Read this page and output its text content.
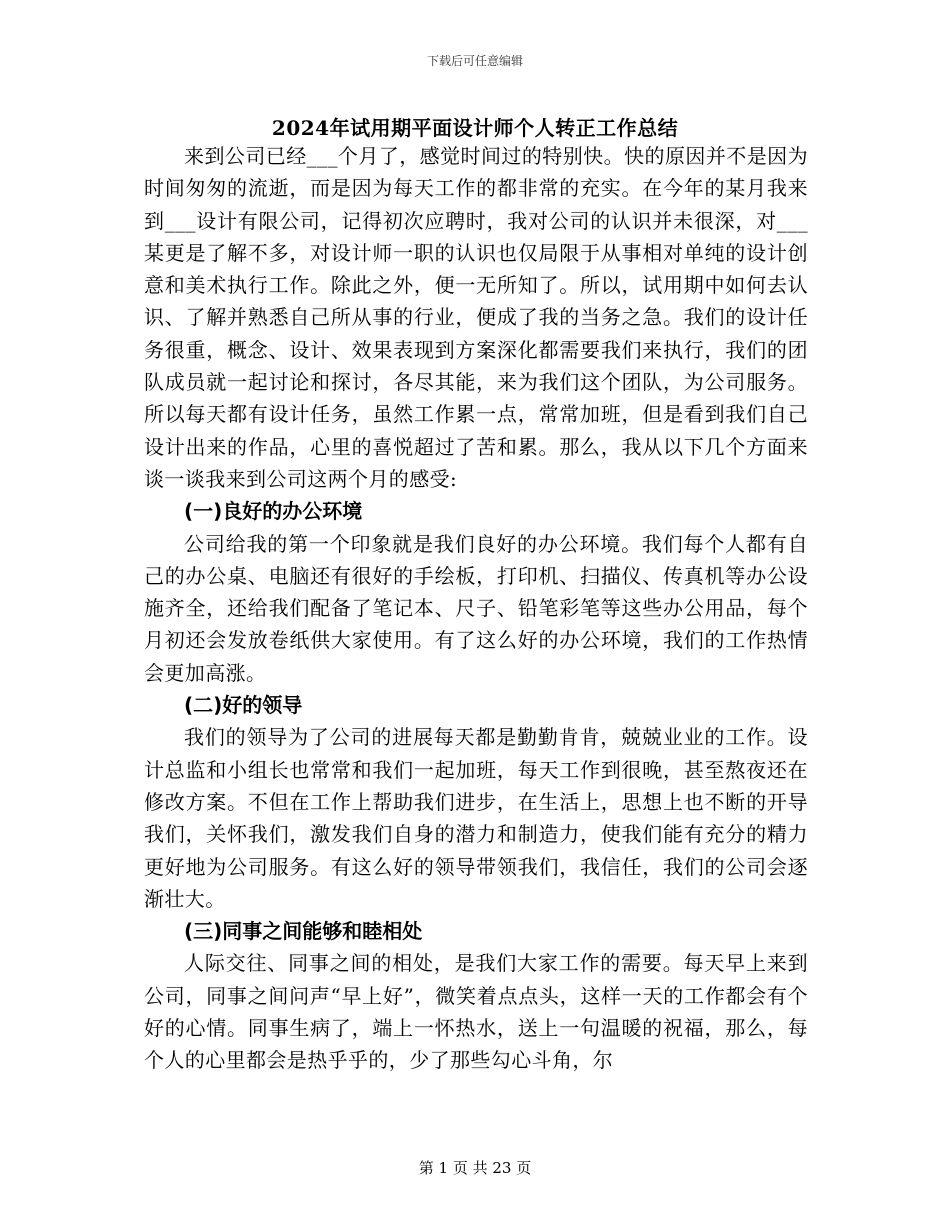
下载后可任意编辑
2024年试用期平面设计师个人转正工作总结

来到公司已经___个月了，感觉时间过的特别快。快的原因并不是因为时间匆匆的流逝，而是因为每天工作的都非常的充实。在今年的某月我来到___设计有限公司，记得初次应聘时，我对公司的认识并未很深，对___某更是了解不多，对设计师一职的认识也仅局限于从事相对单纯的设计创意和美术执行工作。除此之外，便一无所知了。所以，试用期中如何去认识、了解并熟悉自己所从事的行业，便成了我的当务之急。我们的设计任务很重，概念、设计、效果表现到方案深化都需要我们来执行，我们的团队成员就一起讨论和探讨，各尽其能，来为我们这个团队，为公司服务。所以每天都有设计任务，虽然工作累一点，常常加班，但是看到我们自己设计出来的作品，心里的喜悦超过了苦和累。那么，我从以下几个方面来谈一谈我来到公司这两个月的感受:

(一)良好的办公环境

公司给我的第一个印象就是我们良好的办公环境。我们每个人都有自己的办公桌、电脑还有很好的手绘板，打印机、扫描仪、传真机等办公设施齐全，还给我们配备了笔记本、尺子、铅笔彩笔等这些办公用品，每个月初还会发放卷纸供大家使用。有了这么好的办公环境，我们的工作热情会更加高涨。

(二)好的领导

我们的领导为了公司的进展每天都是勤勤肯肯，兢兢业业的工作。设计总监和小组长也常常和我们一起加班，每天工作到很晚，甚至熬夜还在修改方案。不但在工作上帮助我们进步，在生活上，思想上也不断的开导我们，关怀我们，激发我们自身的潜力和制造力，使我们能有充分的精力更好地为公司服务。有这么好的领导带领我们，我信任，我们的公司会逐渐壮大。

(三)同事之间能够和睦相处

人际交往、同事之间的相处，是我们大家工作的需要。每天早上来到公司，同事之间问声“早上好”，微笑着点点头，这样一天的工作都会有个好的心情。同事生病了，端上一怀热水，送上一句温暖的祝福，那么，每个人的心里都会是热乎乎的，少了那些勾心斗角，尔

第 1 页 共 23 页
